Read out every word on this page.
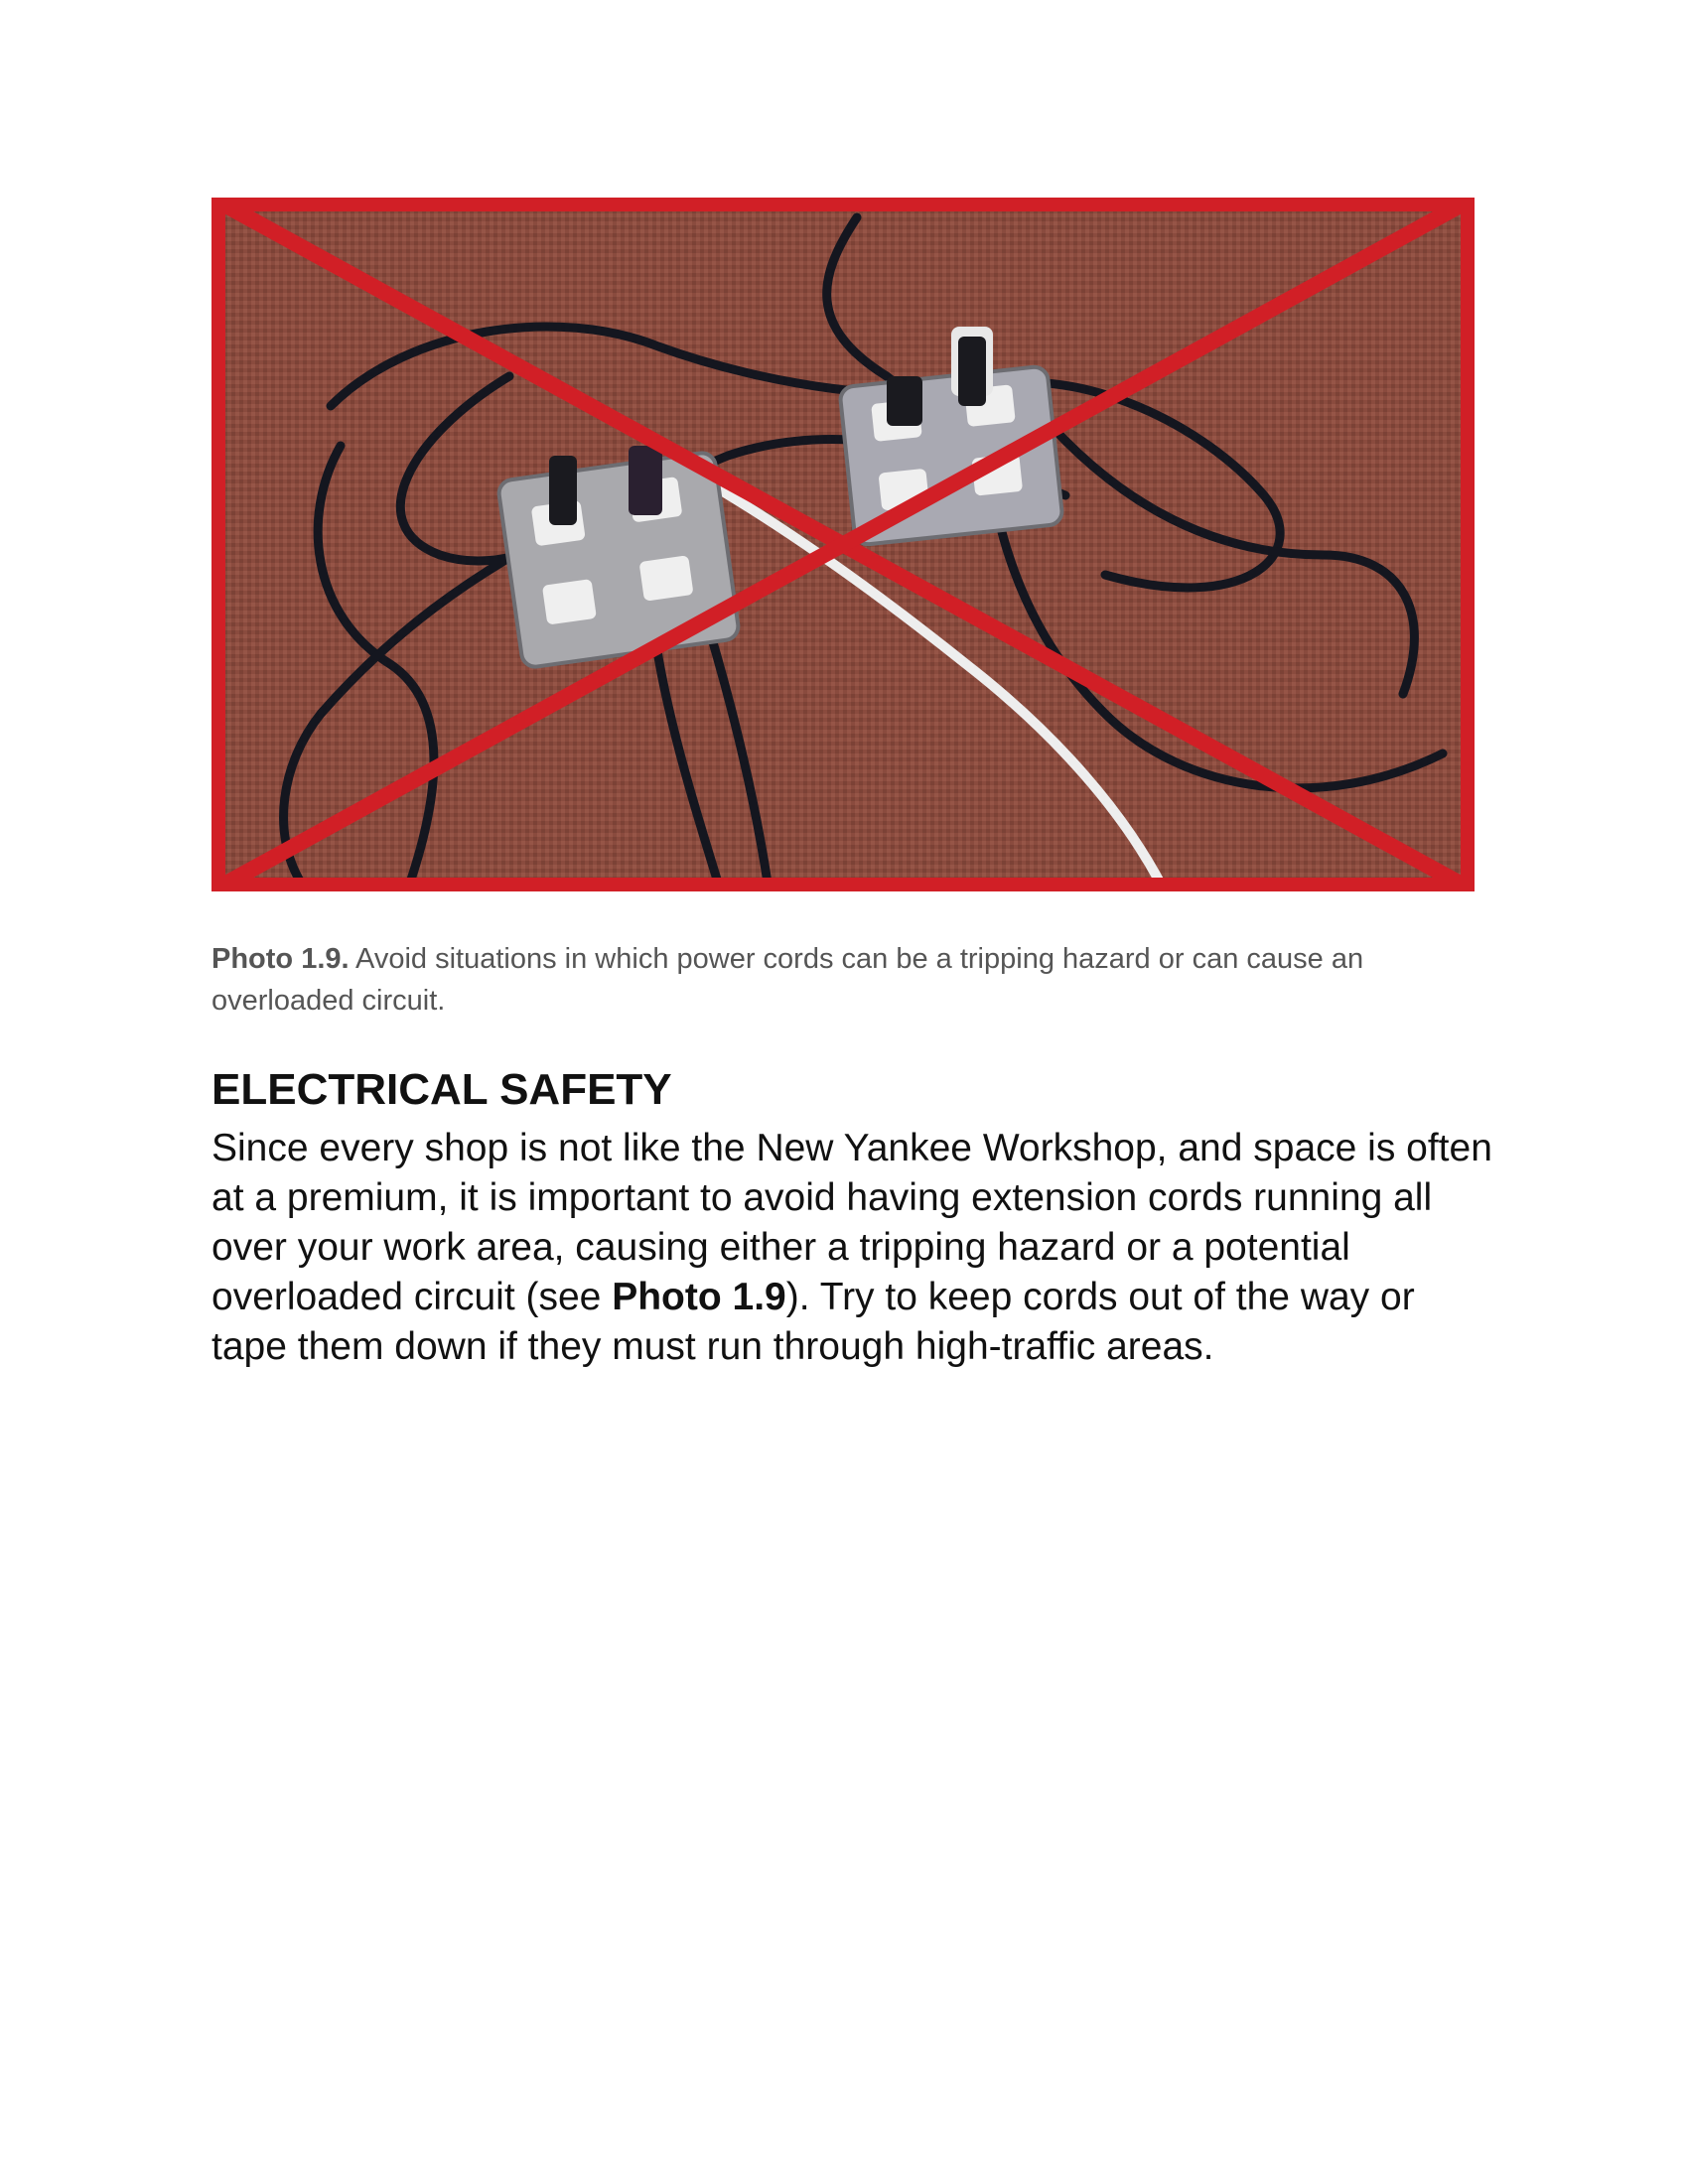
Photo 1.9. Avoid situations in which power cords can be a tripping hazard or can cause an overloaded circuit.
ELECTRICAL SAFETY

Since every shop is not like the New Yankee Workshop, and space is often at a premium, it is important to avoid having extension cords running all over your work area, causing either a tripping hazard or a potential overloaded circuit (see Photo 1.9). Try to keep cords out of the way or tape them down if they must run through high-traffic areas.
